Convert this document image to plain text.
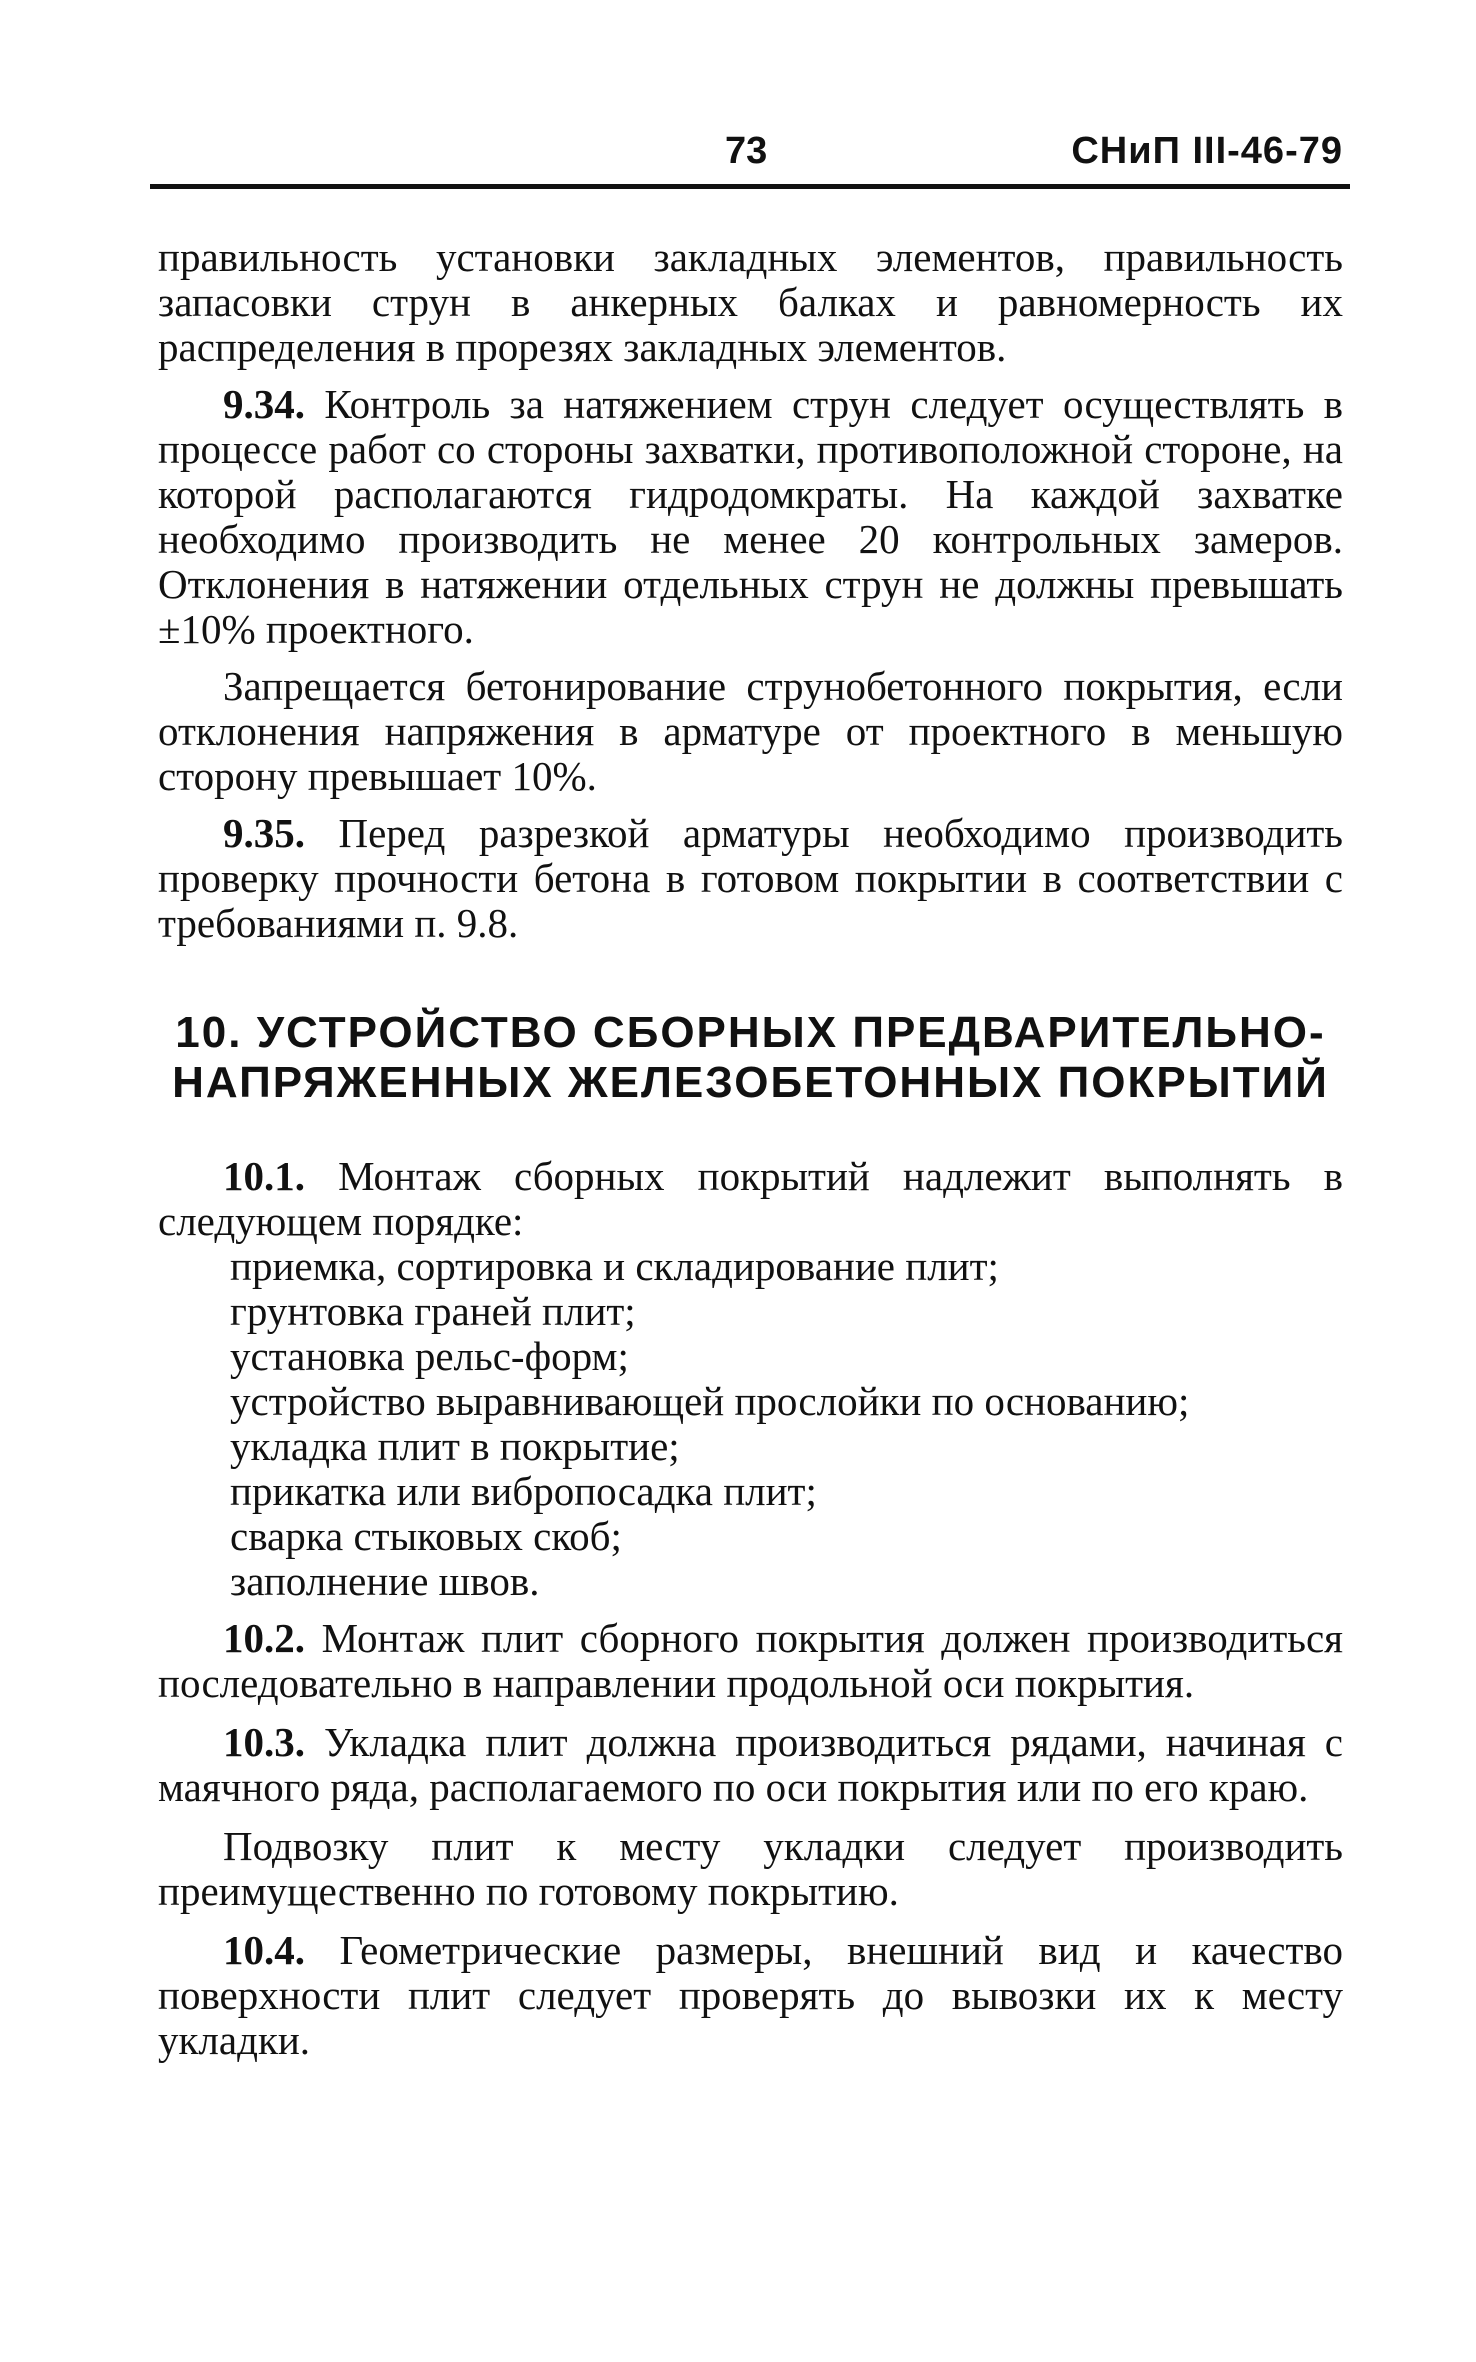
73	СНиП III-46-79

правильность установки закладных элементов, правильность запасовки струн в анкерных балках и равномерность их распределения в прорезях закладных элементов.

9.34. Контроль за натяжением струн следует осуществлять в процессе работ со стороны захватки, противоположной стороне, на которой располагаются гидродомкраты. На каждой захватке необходимо производить не менее 20 контрольных замеров. Отклонения в натяжении отдельных струн не должны превышать ±10% проектного.

Запрещается бетонирование струнобетонного покрытия, если отклонения напряжения в арматуре от проектного в меньшую сторону превышает 10%.

9.35. Перед разрезкой арматуры необходимо производить проверку прочности бетона в готовом покрытии в соответствии с требованиями п. 9.8.

10. УСТРОЙСТВО СБОРНЫХ ПРЕДВАРИТЕЛЬНО-
НАПРЯЖЕННЫХ ЖЕЛЕЗОБЕТОННЫХ ПОКРЫТИЙ

10.1. Монтаж сборных покрытий надлежит выполнять в следующем порядке:

приемка, сортировка и складирование плит;
грунтовка граней плит;
установка рельс-форм;
устройство выравнивающей прослойки по основанию;
укладка плит в покрытие;
прикатка или вибропосадка плит;
сварка стыковых скоб;
заполнение швов.

10.2. Монтаж плит сборного покрытия должен производиться последовательно в направлении продольной оси покрытия.

10.3. Укладка плит должна производиться рядами, начиная с маячного ряда, располагаемого по оси покрытия или по его краю.

Подвозку плит к месту укладки следует производить преимущественно по готовому покрытию.

10.4. Геометрические размеры, внешний вид и качество поверхности плит следует проверять до вывозки их к месту укладки.
